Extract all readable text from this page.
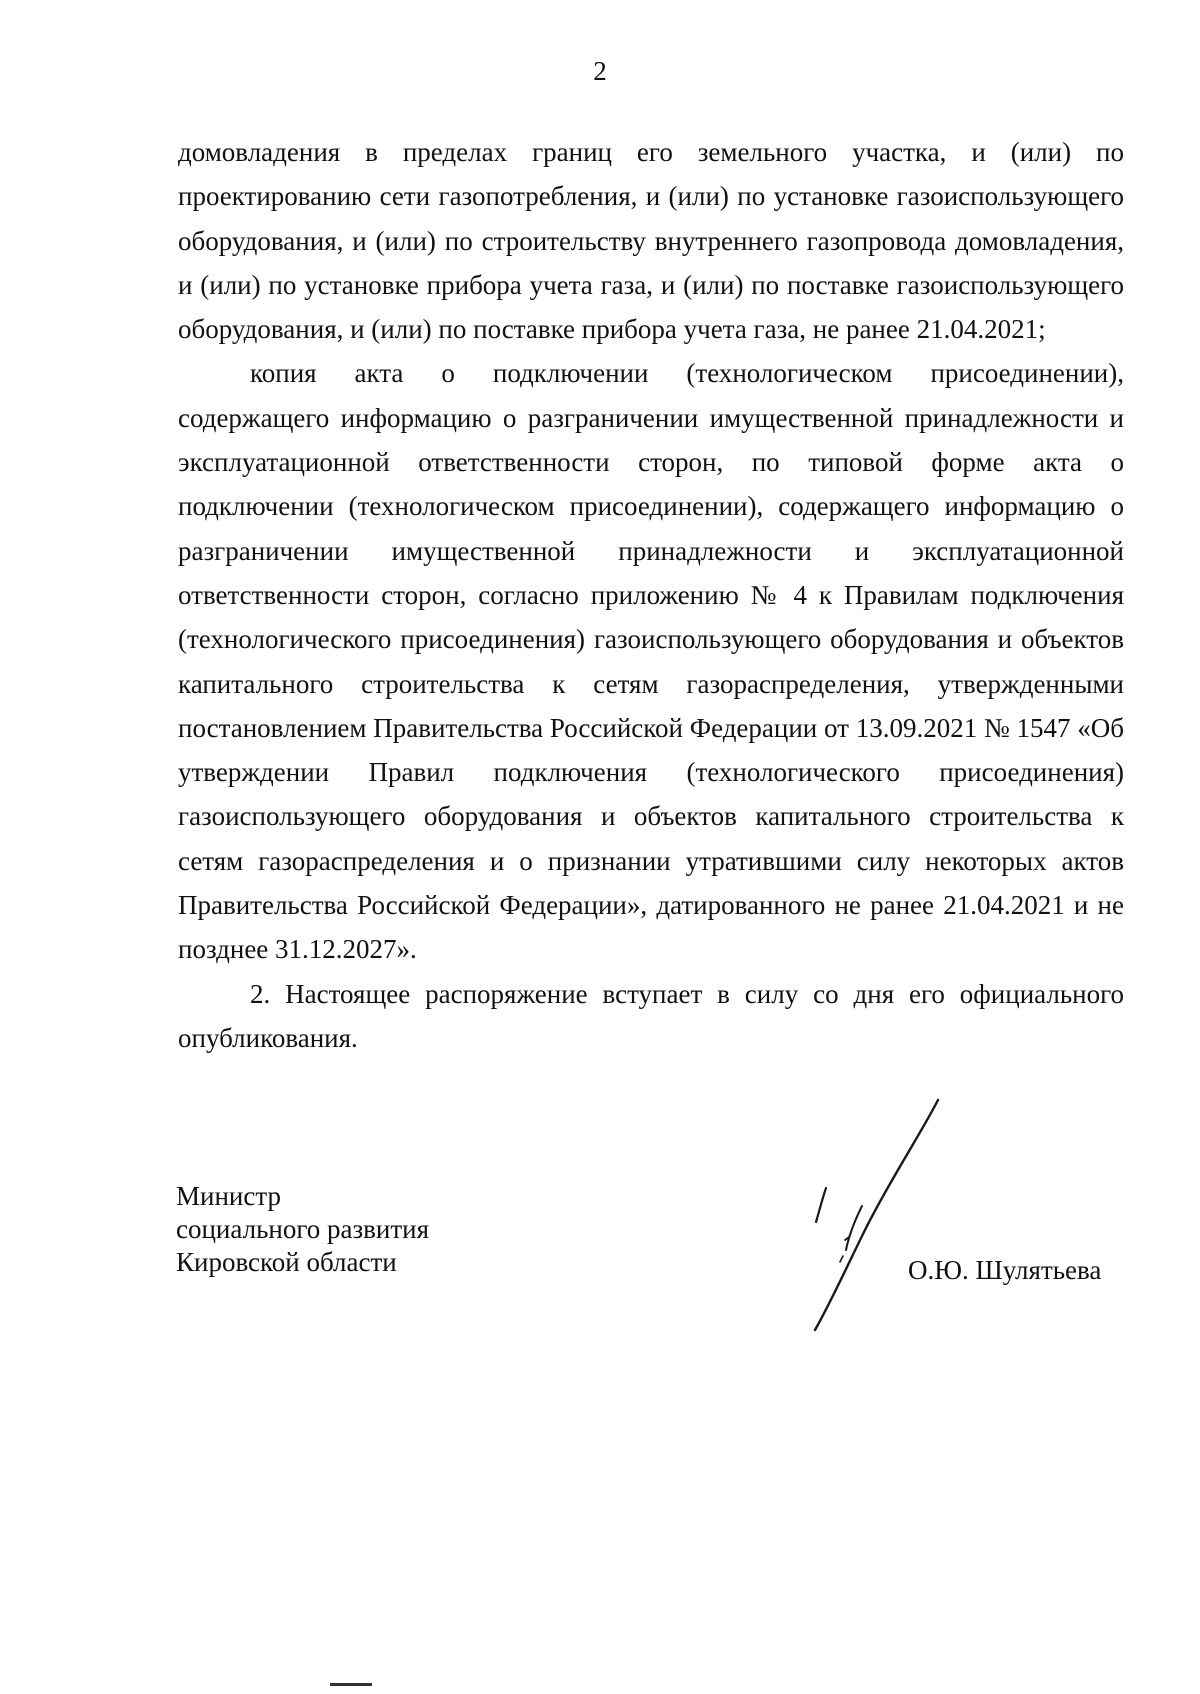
2

домовладения в пределах границ его земельного участка, и (или) по проектированию сети газопотребления, и (или) по установке газоиспользующего оборудования, и (или) по строительству внутреннего газопровода домовладения, и (или) по установке прибора учета газа, и (или) по поставке газоиспользующего оборудования, и (или) по поставке прибора учета газа, не ранее 21.04.2021;

копия акта о подключении (технологическом присоединении), содержащего информацию о разграничении имущественной принадлежности и эксплуатационной ответственности сторон, по типовой форме акта о подключении (технологическом присоединении), содержащего информацию о разграничении имущественной принадлежности и эксплуатационной ответственности сторон, согласно приложению № 4 к Правилам подключения (технологического присоединения) газоиспользующего оборудования и объектов капитального строительства к сетям газораспределения, утвержденными постановлением Правительства Российской Федерации от 13.09.2021 № 1547 «Об утверждении Правил подключения (технологического присоединения) газоиспользующего оборудования и объектов капитального строительства к сетям газораспределения и о признании утратившими силу некоторых актов Правительства Российской Федерации», датированного не ранее 21.04.2021 и не позднее 31.12.2027».

2. Настоящее распоряжение вступает в силу со дня его официального опубликования.

Министр
социального развития
Кировской области	О.Ю. Шулятьева
